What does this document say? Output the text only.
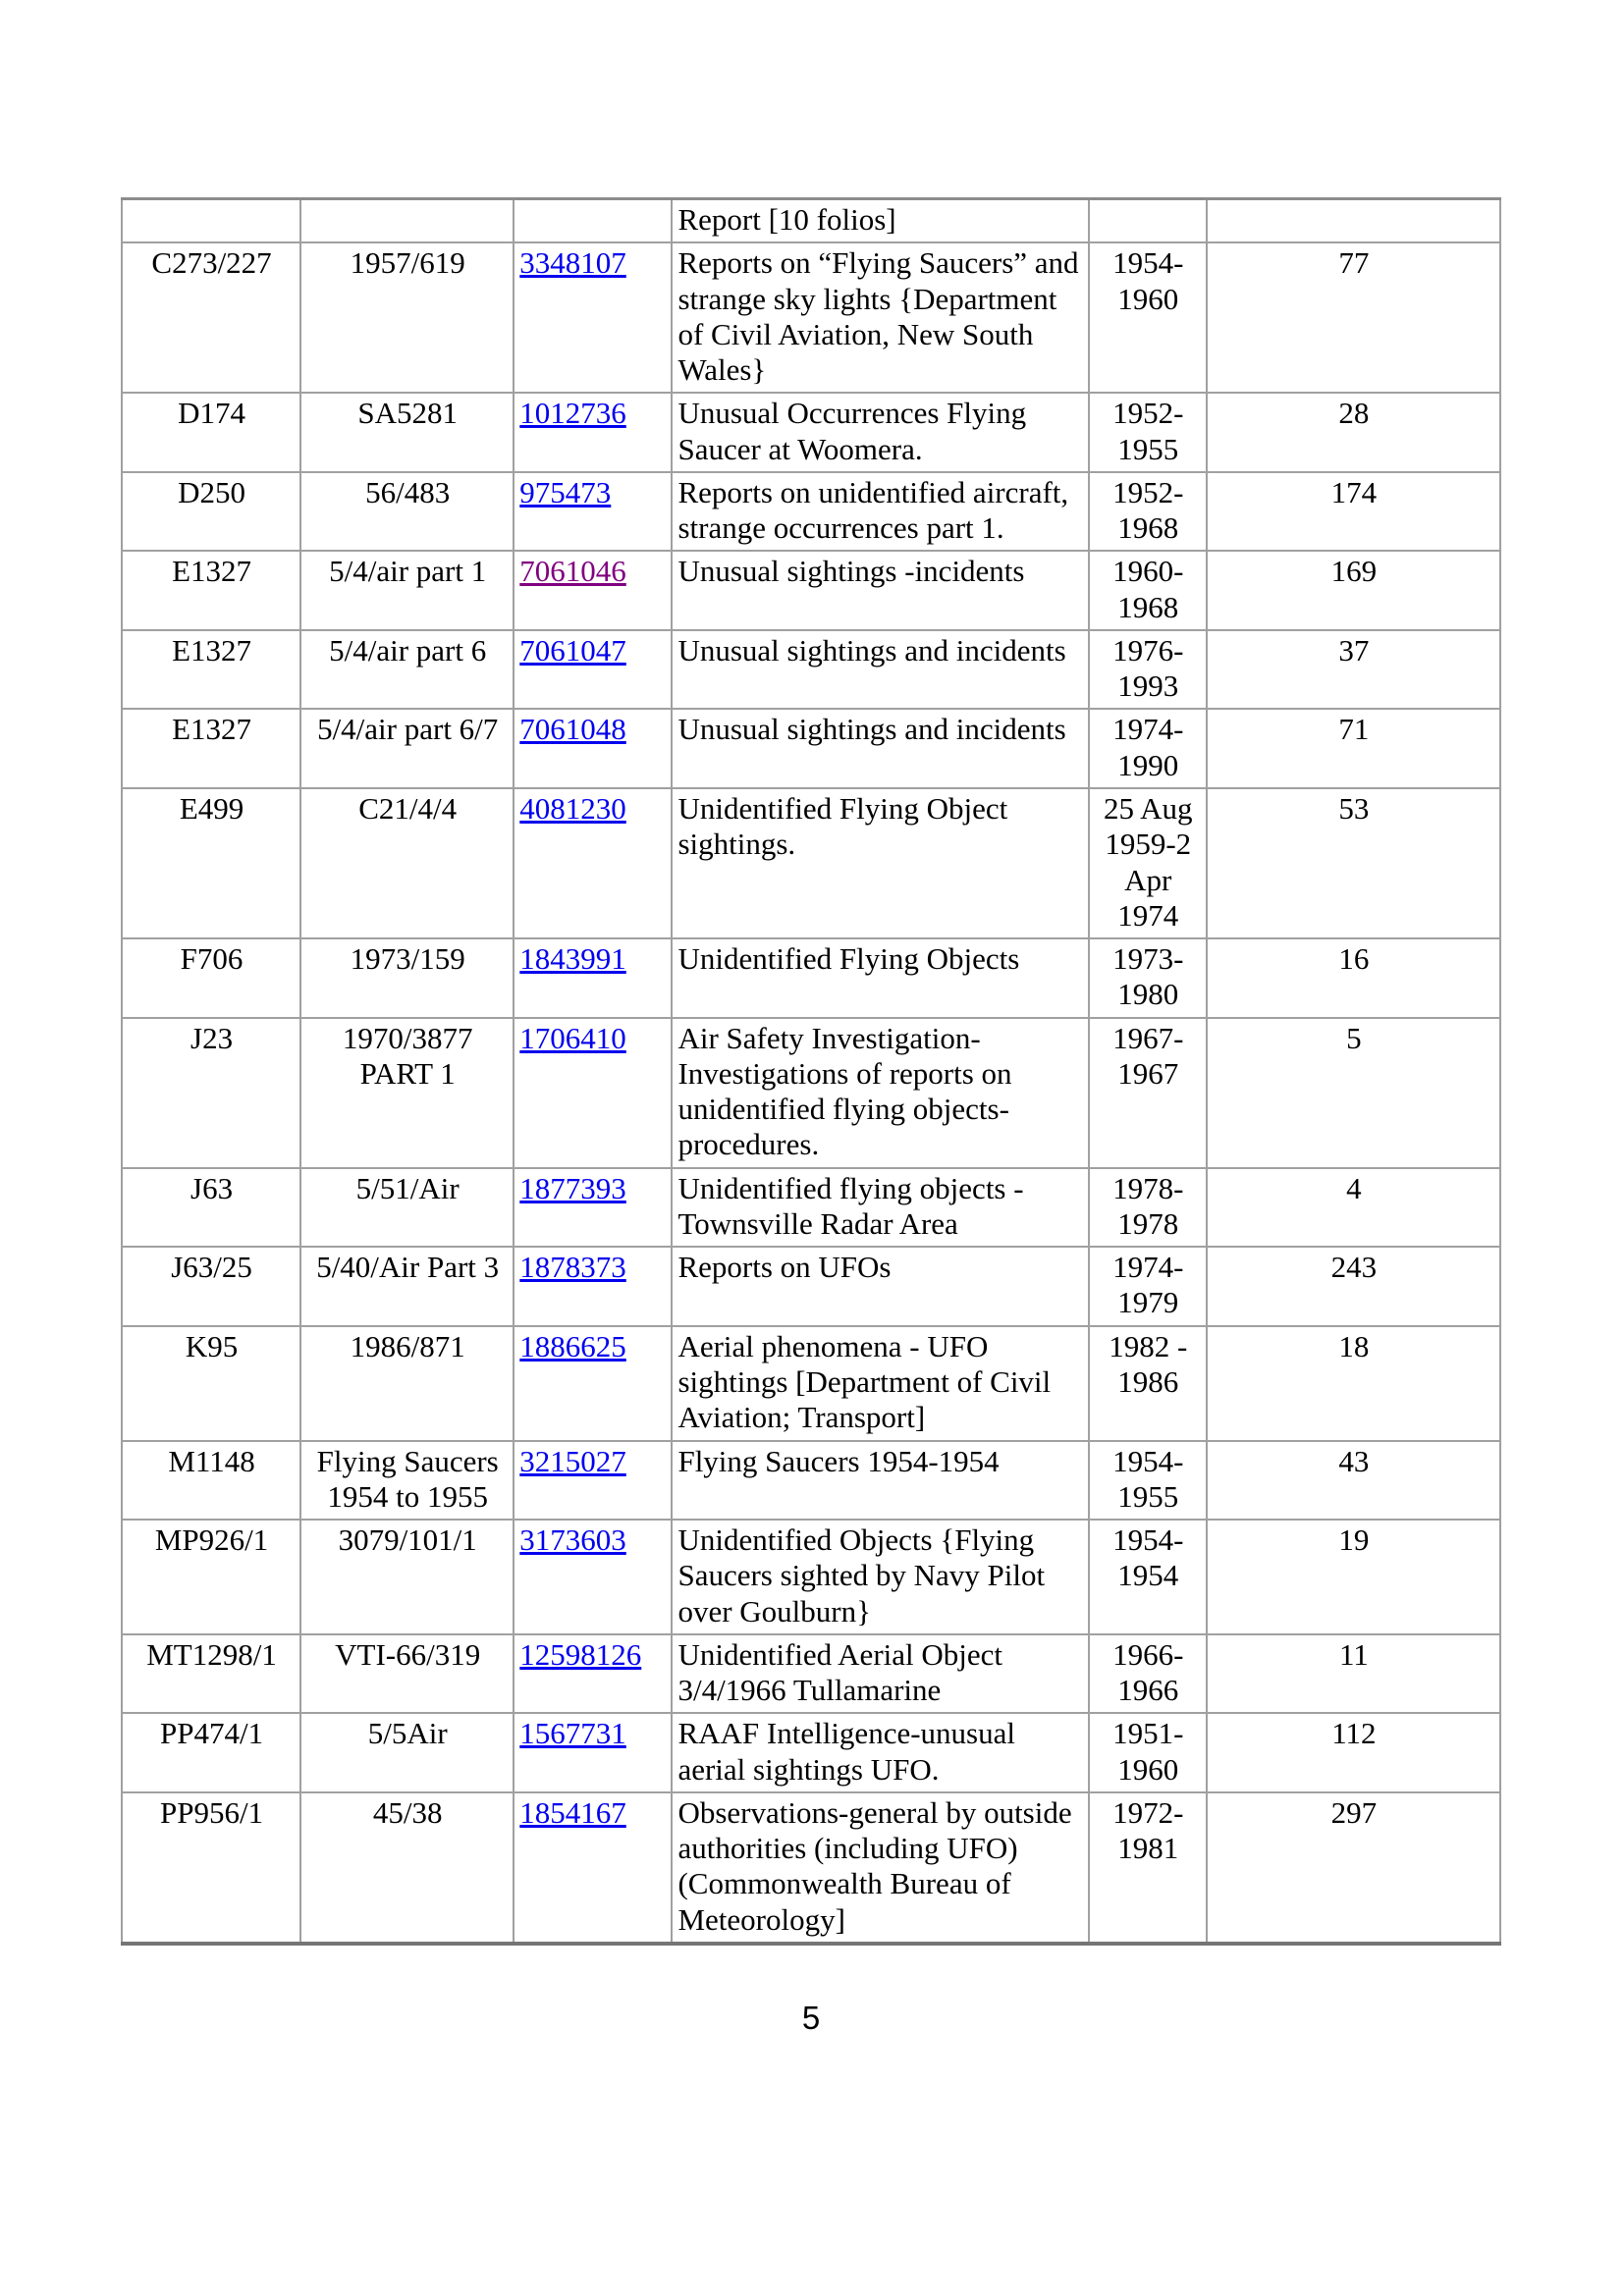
			Report [10 folios]		
C273/227	1957/619	3348107	Reports on “Flying Saucers” and strange sky lights {Department of Civil Aviation, New South Wales}	1954-1960	77
D174	SA5281	1012736	Unusual Occurrences Flying Saucer at Woomera.	1952-1955	28
D250	56/483	975473	Reports on unidentified aircraft, strange occurrences part 1.	1952-1968	174
E1327	5/4/air part 1	7061046	Unusual sightings -incidents	1960-1968	169
E1327	5/4/air part 6	7061047	Unusual sightings and incidents	1976-1993	37
E1327	5/4/air part 6/7	7061048	Unusual sightings and incidents	1974-1990	71
E499	C21/4/4	4081230	Unidentified Flying Object sightings.	25 Aug 1959-2 Apr 1974	53
F706	1973/159	1843991	Unidentified Flying Objects	1973-1980	16
J23	1970/3877 PART 1	1706410	Air Safety Investigation-Investigations of reports on unidentified flying objects-procedures.	1967-1967	5
J63	5/51/Air	1877393	Unidentified flying objects - Townsville Radar Area	1978-1978	4
J63/25	5/40/Air Part 3	1878373	Reports on UFOs	1974-1979	243
K95	1986/871	1886625	Aerial phenomena - UFO sightings [Department of Civil Aviation; Transport]	1982 - 1986	18
M1148	Flying Saucers 1954 to 1955	3215027	Flying Saucers 1954-1954	1954-1955	43
MP926/1	3079/101/1	3173603	Unidentified Objects {Flying Saucers sighted by Navy Pilot over Goulburn}	1954-1954	19
MT1298/1	VTI-66/319	12598126	Unidentified Aerial Object 3/4/1966 Tullamarine	1966-1966	11
PP474/1	5/5Air	1567731	RAAF Intelligence-unusual aerial sightings UFO.	1951-1960	112
PP956/1	45/38	1854167	Observations-general by outside authorities (including UFO) (Commonwealth Bureau of Meteorology]	1972-1981	297
5
